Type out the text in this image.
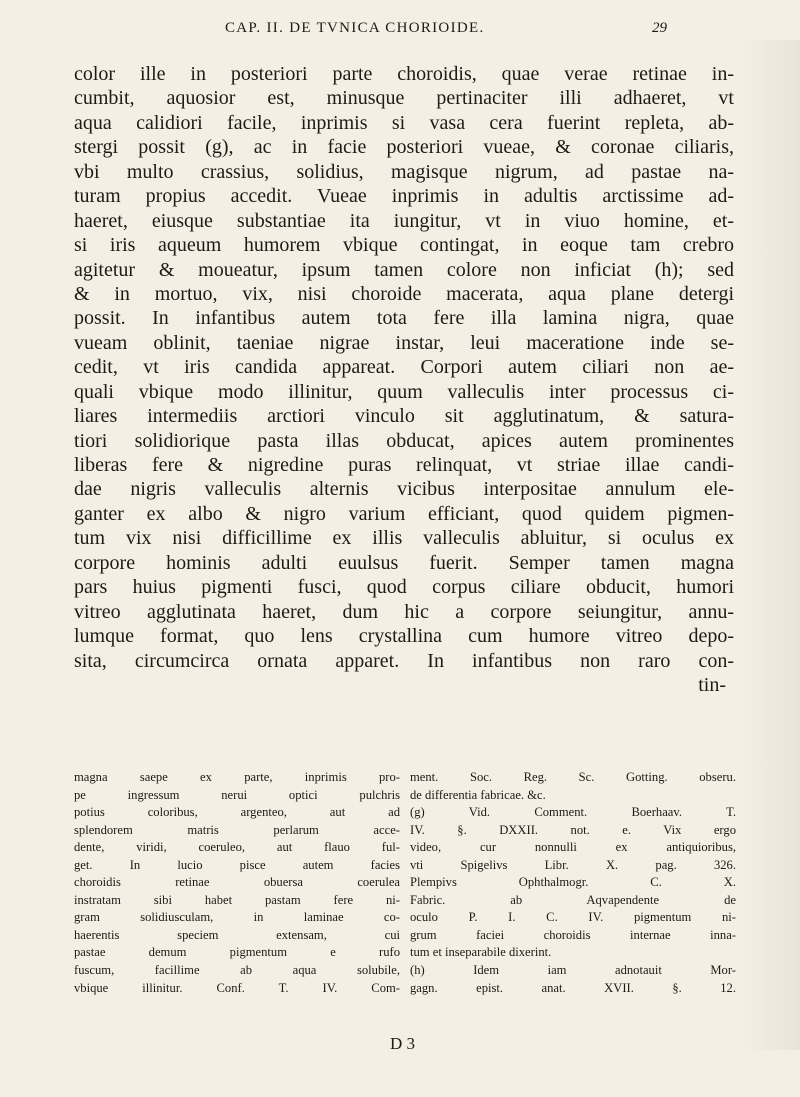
CAP. II. DE TVNICA CHORIOIDE.	29
color ille in posteriori parte choroidis, quae verae retinae in-
cumbit, aquosior est, minusque pertinaciter illi adhaeret, vt
aqua calidiori facile, inprimis si vasa cera fuerint repleta, ab-
stergi possit (g), ac in facie posteriori vueae, & coronae ciliaris,
vbi multo crassius, solidius, magisque nigrum, ad pastae na-
turam propius accedit. Vueae inprimis in adultis arctissime ad-
haeret, eiusque substantiae ita iungitur, vt in viuo homine, et-
si iris aqueum humorem vbique contingat, in eoque tam crebro
agitetur & moueatur, ipsum tamen colore non inficiat (h); sed
& in mortuo, vix, nisi choroide macerata, aqua plane detergi
possit. In infantibus autem tota fere illa lamina nigra, quae
vueam oblinit, taeniae nigrae instar, leui maceratione inde se-
cedit, vt iris candida appareat. Corpori autem ciliari non ae-
quali vbique modo illinitur, quum valleculis inter processus ci-
liares intermediis arctiori vinculo sit agglutinatum, & satura-
tiori solidiorique pasta illas obducat, apices autem prominentes
liberas fere & nigredine puras relinquat, vt striae illae candi-
dae nigris valleculis alternis vicibus interpositae annulum ele-
ganter ex albo & nigro varium efficiant, quod quidem pigmen-
tum vix nisi difficillime ex illis valleculis abluitur, si oculus ex
corpore hominis adulti euulsus fuerit. Semper tamen magna
pars huius pigmenti fusci, quod corpus ciliare obducit, humori
vitreo agglutinata haeret, dum hic a corpore seiungitur, annu-
lumque format, quo lens crystallina cum humore vitreo depo-
sita, circumcirca ornata apparet. In infantibus non raro con-
tin-
magna saepe ex parte, inprimis pro-
pe ingressum nerui optici pulchris
potius coloribus, argenteo, aut ad
splendorem matris perlarum acce-
dente, viridi, coeruleo, aut flauo ful-
get. In lucio pisce autem facies
choroidis retinae obuersa coerulea
instratam sibi habet pastam fere ni-
gram solidiusculam, in laminae co-
haerentis speciem extensam, cui
pastae demum pigmentum e rufo
fuscum, facillime ab aqua solubile,
vbique illinitur. Conf. T. IV. Com-
ment. Soc. Reg. Sc. Gotting. obseru.
de differentia fabricae. &c.
(g) Vid. Comment. Boerhaav. T.
IV. §. DXXII. not. e. Vix ergo
video, cur nonnulli ex antiquioribus,
vti Spigelivs Libr. X. pag. 326.
Plempivs Ophthalmogr. C. X.
Fabric. ab Aqvapendente de
oculo P. I. C. IV. pigmentum ni-
grum faciei choroidis internae inna-
tum et inseparabile dixerint.
(h) Idem iam adnotauit Mor-
gagn. epist. anat. XVII. §. 12.
D 3
